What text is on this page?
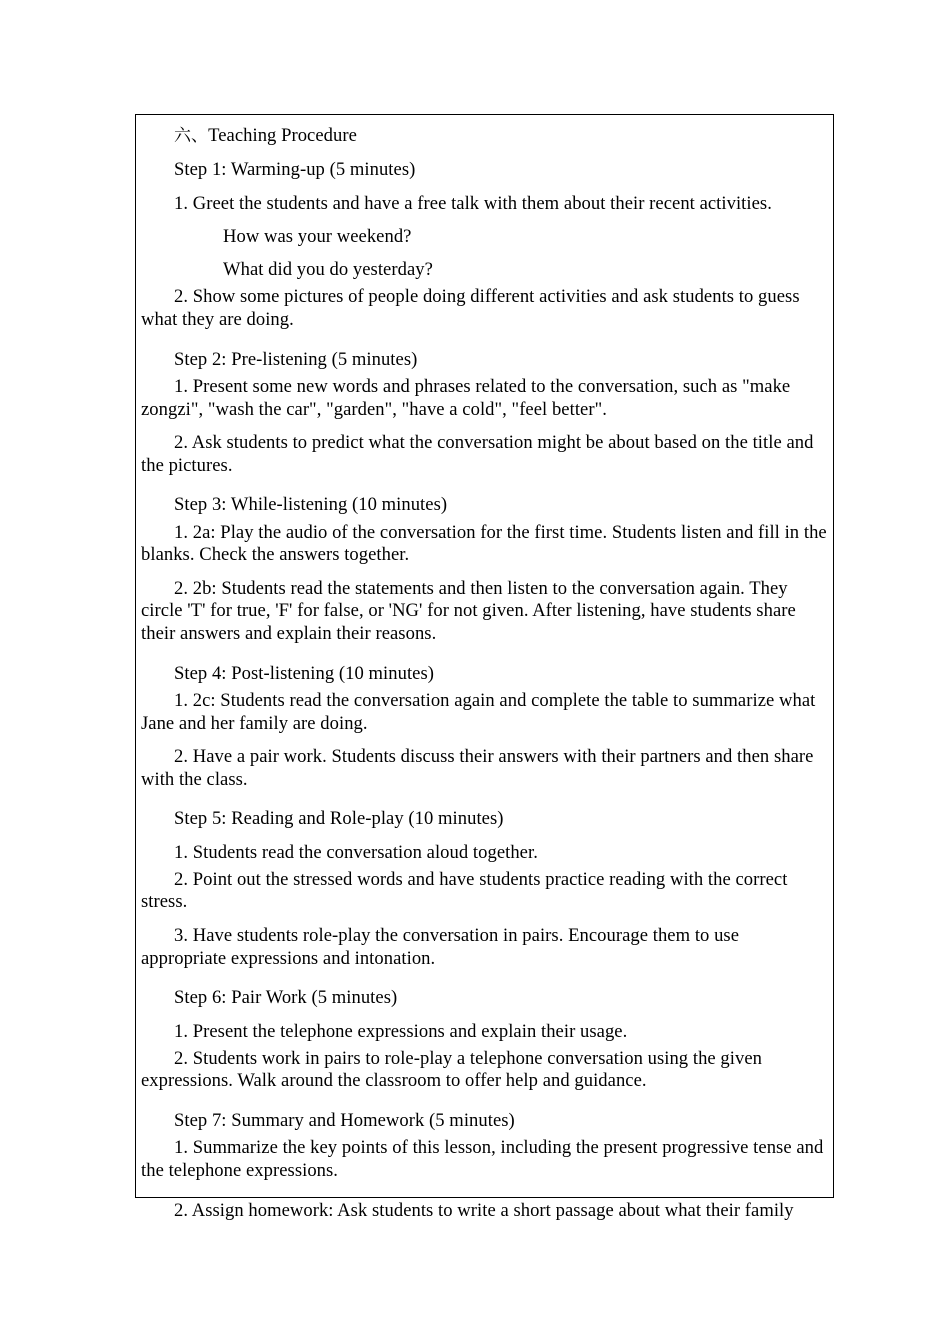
六、Teaching Procedure

Step 1: Warming-up (5 minutes)

1. Greet the students and have a free talk with them about their recent activities.

How was your weekend?

What did you do yesterday?

2. Show some pictures of people doing different activities and ask students to guess what they are doing.

Step 2: Pre-listening (5 minutes)

1. Present some new words and phrases related to the conversation, such as "make zongzi", "wash the car", "garden", "have a cold", "feel better".

2. Ask students to predict what the conversation might be about based on the title and the pictures.

Step 3: While-listening (10 minutes)

1. 2a: Play the audio of the conversation for the first time. Students listen and fill in the blanks. Check the answers together.

2. 2b: Students read the statements and then listen to the conversation again. They circle 'T' for true, 'F' for false, or 'NG' for not given. After listening, have students share their answers and explain their reasons.

Step 4: Post-listening (10 minutes)

1. 2c: Students read the conversation again and complete the table to summarize what Jane and her family are doing.

2. Have a pair work. Students discuss their answers with their partners and then share with the class.

Step 5: Reading and Role-play (10 minutes)

1. Students read the conversation aloud together.

2. Point out the stressed words and have students practice reading with the correct stress.

3. Have students role-play the conversation in pairs. Encourage them to use appropriate expressions and intonation.

Step 6: Pair Work (5 minutes)

1. Present the telephone expressions and explain their usage.

2. Students work in pairs to role-play a telephone conversation using the given expressions. Walk around the classroom to offer help and guidance.

Step 7: Summary and Homework (5 minutes)

1. Summarize the key points of this lesson, including the present progressive tense and the telephone expressions.

2. Assign homework: Ask students to write a short passage about what their family
